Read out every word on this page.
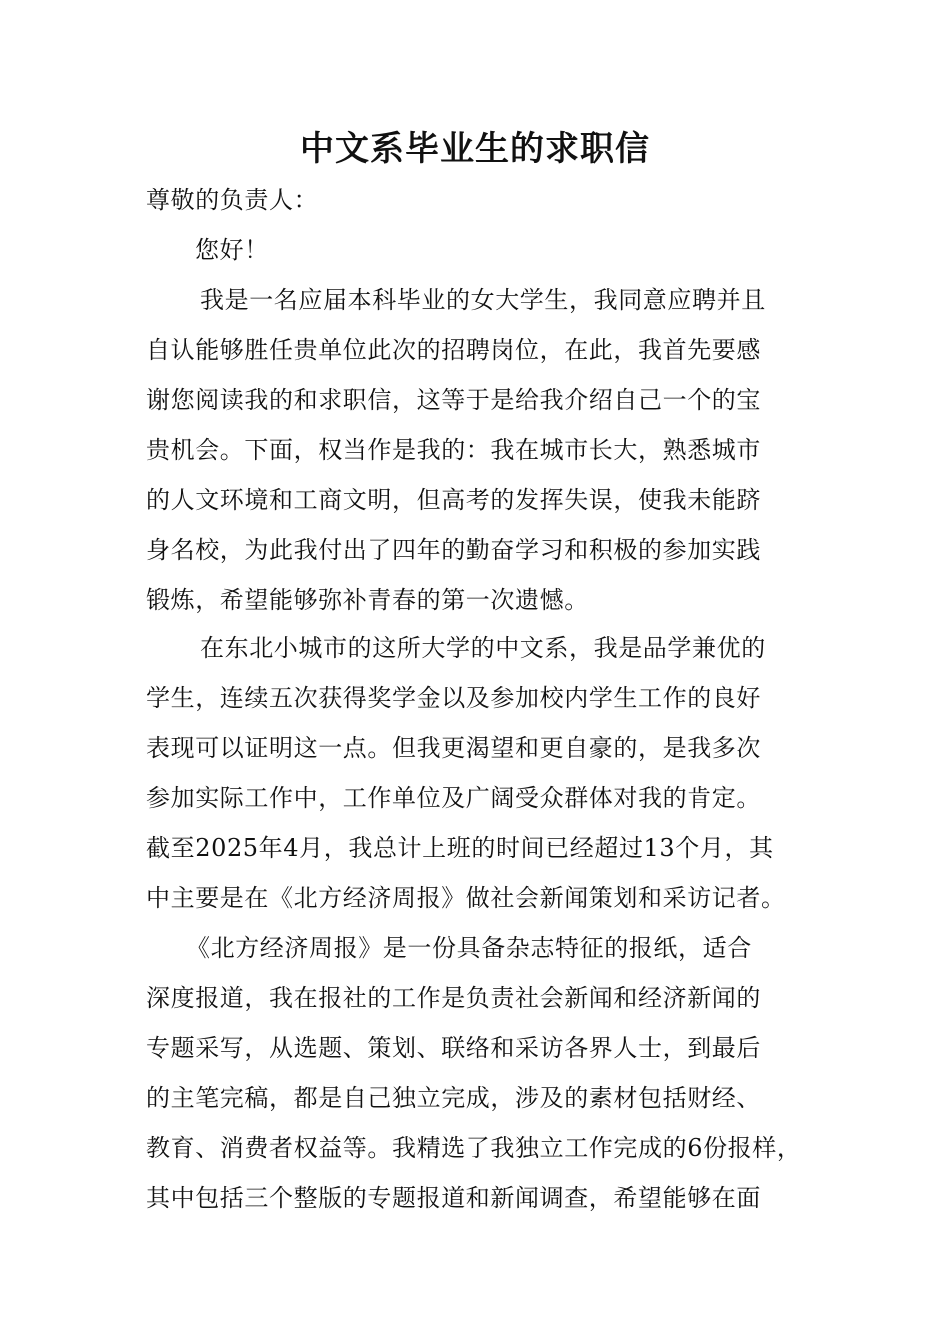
中文系毕业生的求职信
尊敬的负责人：
您好！
我是一名应届本科毕业的女大学生，我同意应聘并且
自认能够胜任贵单位此次的招聘岗位，在此，我首先要感
谢您阅读我的和求职信，这等于是给我介绍自己一个的宝
贵机会。下面，权当作是我的：我在城市长大，熟悉城市
的人文环境和工商文明，但高考的发挥失误，使我未能跻
身名校，为此我付出了四年的勤奋学习和积极的参加实践
锻炼，希望能够弥补青春的第一次遗憾。
在东北小城市的这所大学的中文系，我是品学兼优的
学生，连续五次获得奖学金以及参加校内学生工作的良好
表现可以证明这一点。但我更渴望和更自豪的，是我多次
参加实际工作中，工作单位及广阔受众群体对我的肯定。
截至2025年4月，我总计上班的时间已经超过13个月，其
中主要是在《北方经济周报》做社会新闻策划和采访记者。
《北方经济周报》是一份具备杂志特征的报纸，适合
深度报道，我在报社的工作是负责社会新闻和经济新闻的
专题采写，从选题、策划、联络和采访各界人士，到最后
的主笔完稿，都是自己独立完成，涉及的素材包括财经、
教育、消费者权益等。我精选了我独立工作完成的6份报样，
其中包括三个整版的专题报道和新闻调查，希望能够在面
